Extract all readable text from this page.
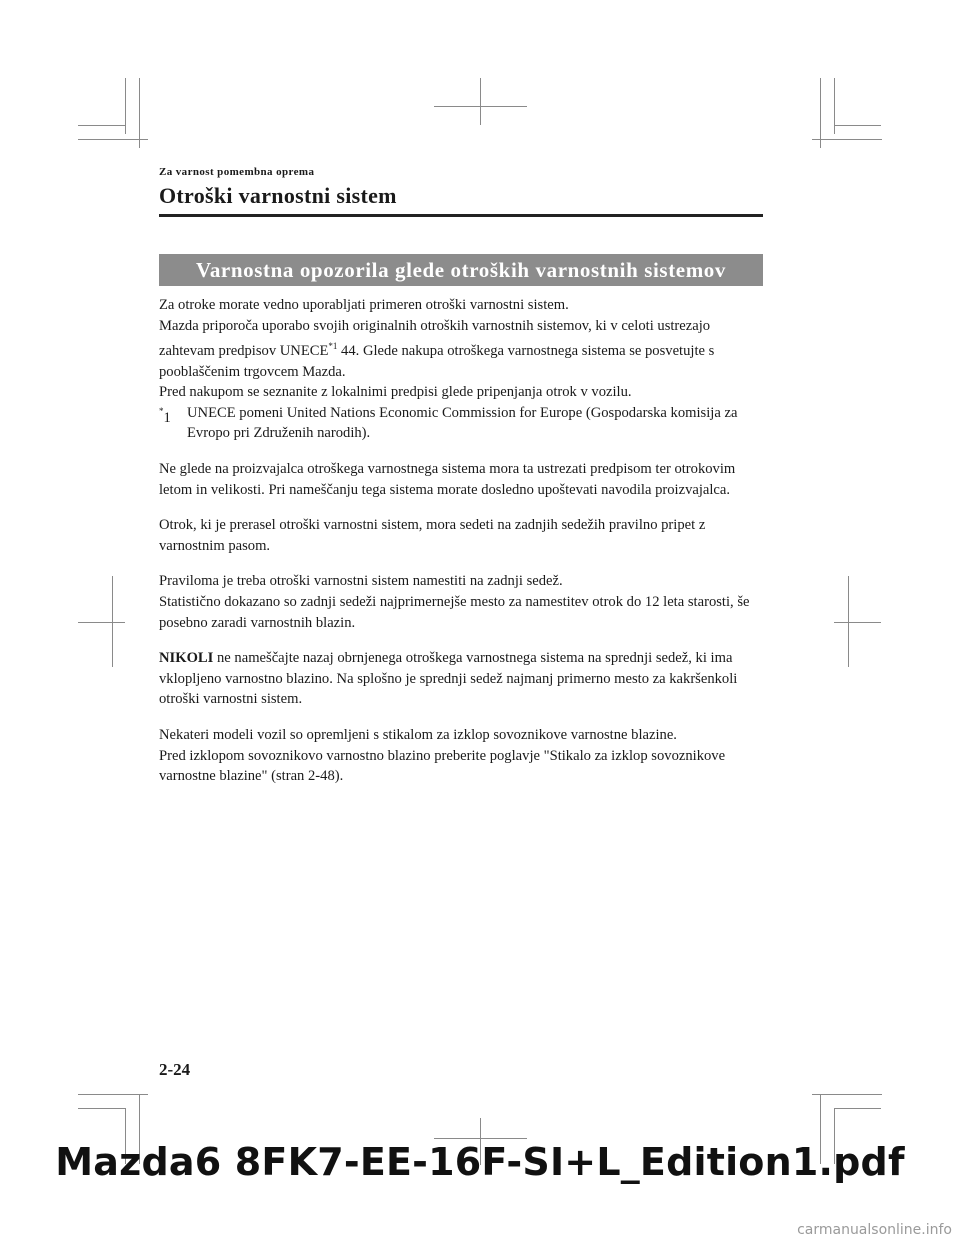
Za varnost pomembna oprema
Otroški varnostni sistem
Varnostna opozorila glede otroških varnostnih sistemov

Za otroke morate vedno uporabljati primeren otroški varnostni sistem.

Mazda priporoča uporabo svojih originalnih otroških varnostnih sistemov, ki v celoti ustrezajo zahtevam predpisov UNECE$^{*1}$ 44. Glede nakupa otroškega varnostnega sistema se posvetujte s pooblaščenim trgovcem Mazda.

Pred nakupom se seznanite z lokalnimi predpisi glede pripenjanja otrok v vozilu.

*1 UNECE pomeni United Nations Economic Commission for Europe (Gospodarska komisija za Evropo pri Združenih narodih).

Ne glede na proizvajalca otroškega varnostnega sistema mora ta ustrezati predpisom ter otrokovim letom in velikosti. Pri nameščanju tega sistema morate dosledno upoštevati navodila proizvajalca.

Otrok, ki je prerasel otroški varnostni sistem, mora sedeti na zadnjih sedežih pravilno pripet z varnostnim pasom.

Praviloma je treba otroški varnostni sistem namestiti na zadnji sedež.

Statistično dokazano so zadnji sedeži najprimernejše mesto za namestitev otrok do 12 leta starosti, še posebno zaradi varnostnih blazin.

NIKOLI ne nameščajte nazaj obrnjenega otroškega varnostnega sistema na sprednji sedež, ki ima vklopljeno varnostno blazino. Na splošno je sprednji sedež najmanj primerno mesto za kakršenkoli otroški varnostni sistem.

Nekateri modeli vozil so opremljeni s stikalom za izklop sovoznikove varnostne blazine.

Pred izklopom sovoznikovo varnostno blazino preberite poglavje "Stikalo za izklop sovoznikove varnostne blazine" (stran 2-48).

2-24
Mazda6 8FK7-EE-16F-SI+L_Edition1.pdf
carmanualsonline.info
